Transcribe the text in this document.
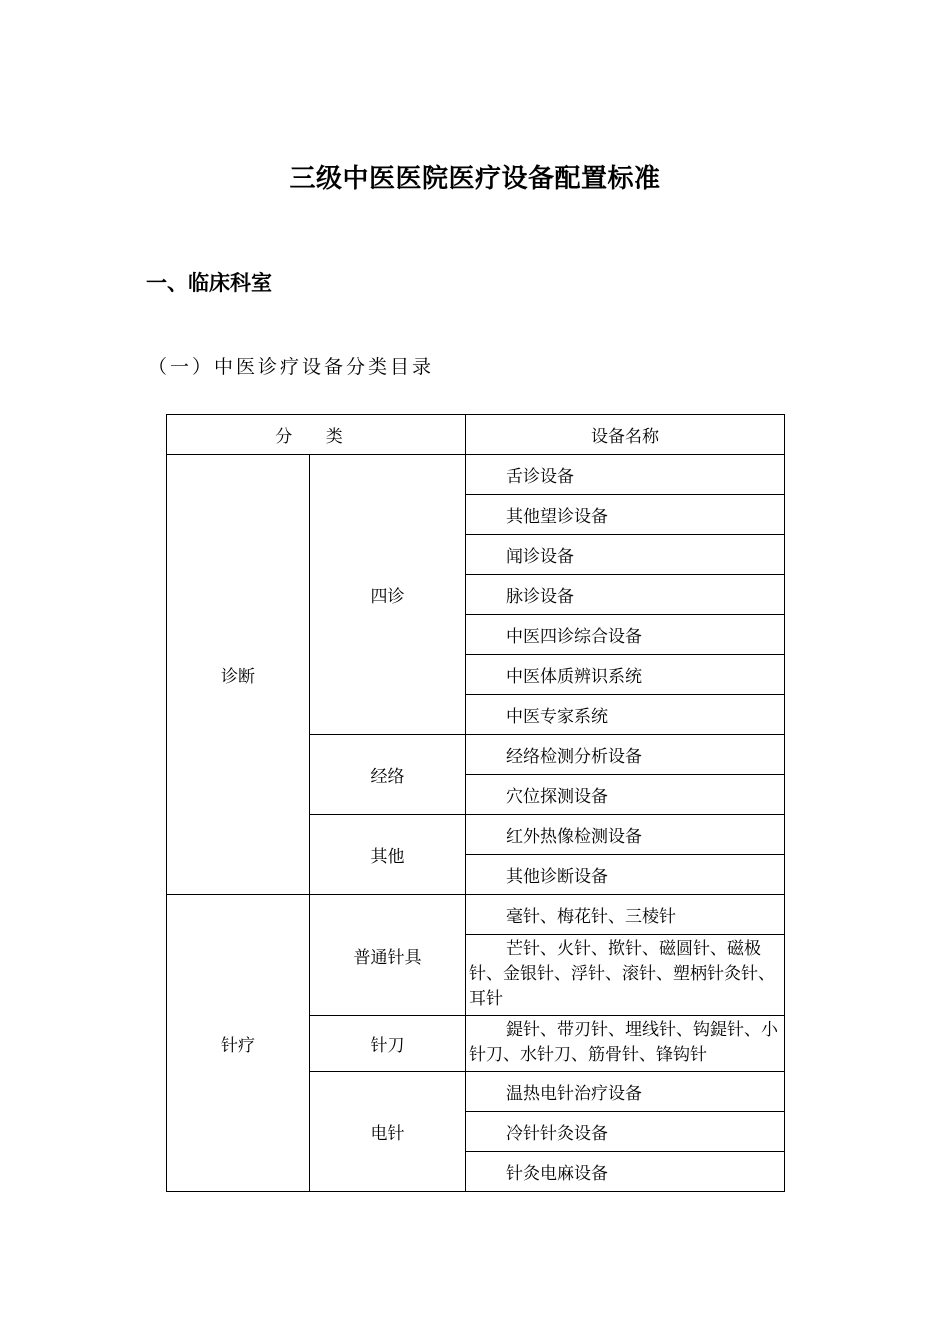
三级中医医院医疗设备配置标准
一、临床科室
（一）中医诊疗设备分类目录
分 类		设备名称
诊断	四诊	舌诊设备
		其他望诊设备
		闻诊设备
		脉诊设备
		中医四诊综合设备
		中医体质辨识系统
		中医专家系统
	经络	经络检测分析设备
		穴位探测设备
	其他	红外热像检测设备
		其他诊断设备
针疗	普通针具	毫针、梅花针、三棱针
		芒针、火针、揿针、磁圆针、磁极针、金银针、浮针、滚针、塑柄针灸针、耳针
	针刀	鍉针、带刃针、埋线针、钩鍉针、小针刀、水针刀、筋骨针、锋钩针
	电针	温热电针治疗设备
		冷针针灸设备
		针灸电麻设备
